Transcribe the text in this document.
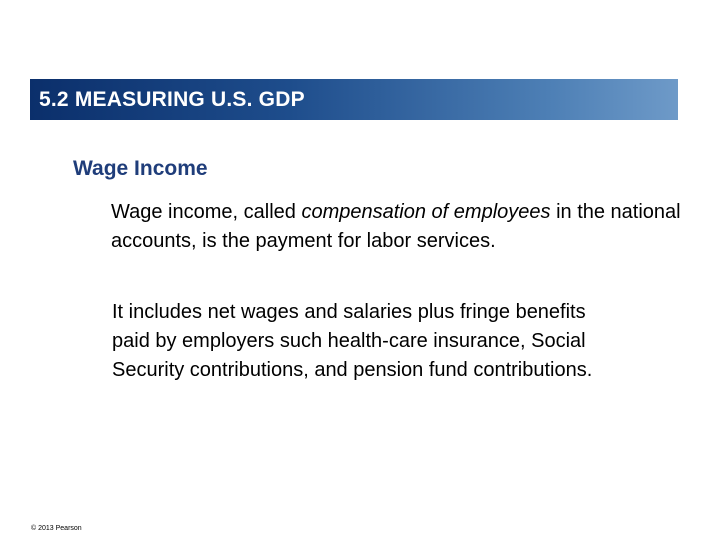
5.2 MEASURING U.S. GDP
Wage Income
Wage income, called compensation of employees in the national accounts, is the payment for labor services.
It includes net wages and salaries plus fringe benefits paid by employers such health-care insurance, Social Security contributions, and pension fund contributions.
© 2013 Pearson
